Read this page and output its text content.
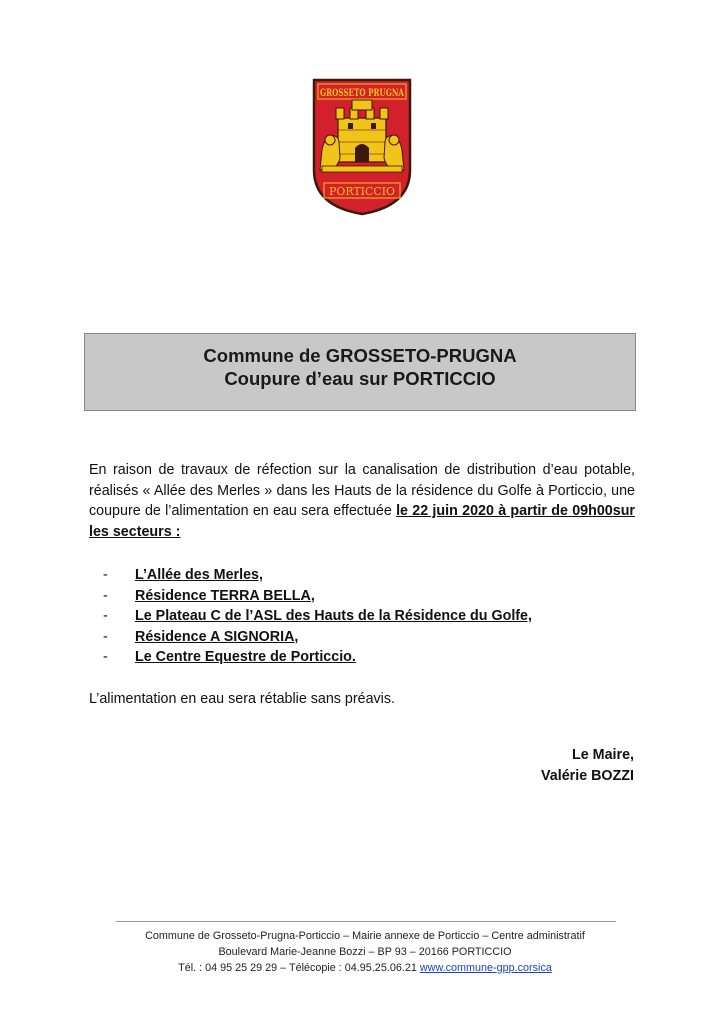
GROSSETO PRUGNA
PORTICCIO
Commune de GROSSETO-PRUGNA
Coupure d’eau sur PORTICCIO
En raison de travaux de réfection sur la canalisation de distribution d’eau potable, réalisés « Allée des Merles » dans les Hauts de la résidence du Golfe à Porticcio, une coupure de l’alimentation en eau sera effectuée le 22 juin 2020 à partir de 09h00sur les secteurs :
- L’Allée des Merles,
- Résidence TERRA BELLA,
- Le Plateau C de l’ASL des Hauts de la Résidence du Golfe,
- Résidence A SIGNORIA,
- Le Centre Equestre de Porticcio.
L’alimentation en eau sera rétablie sans préavis.
Le Maire,
Valérie BOZZI
Commune de Grosseto-Prugna-Porticcio – Mairie annexe de Porticcio – Centre administratif
Boulevard Marie-Jeanne Bozzi – BP 93 – 20166 PORTICCIO
Tél. : 04 95 25 29 29 – Télécopie : 04.95.25.06.21 www.commune-gpp.corsica
